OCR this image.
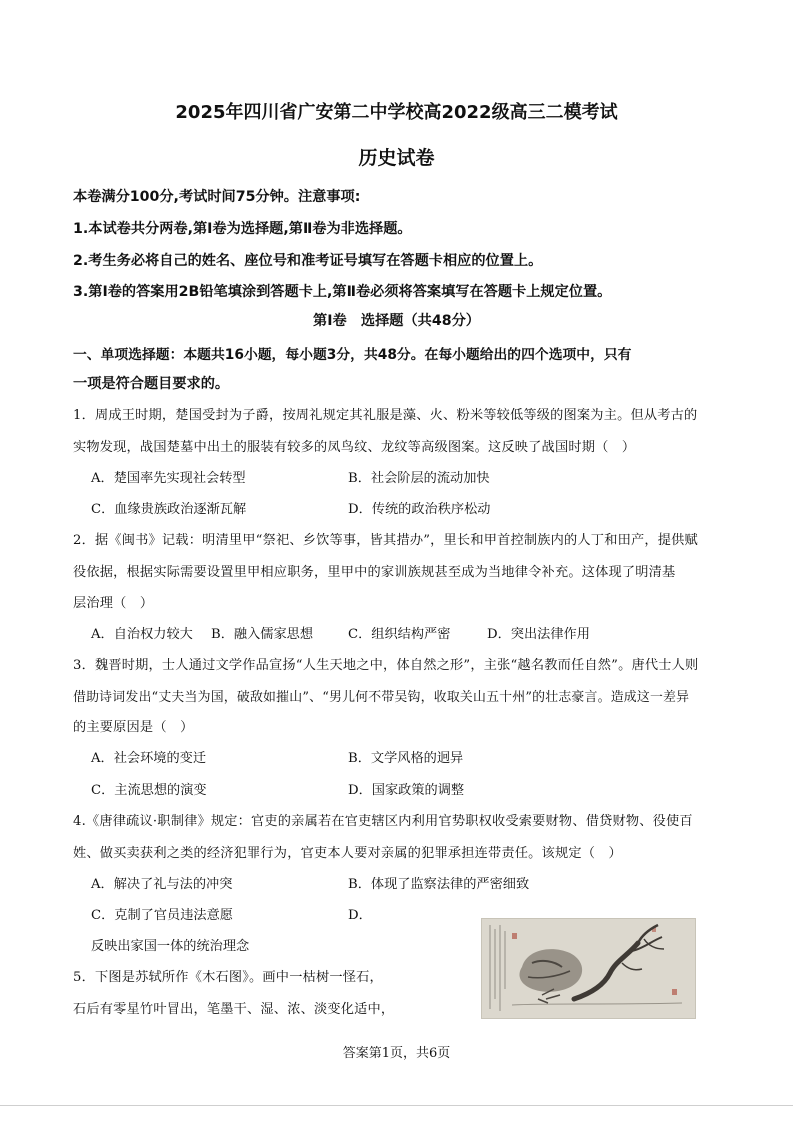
2025年四川省广安第二中学校高2022级高三二模考试
历史试卷
本卷满分100分,考试时间75分钟。注意事项:
1.本试卷共分两卷,第Ⅰ卷为选择题,第Ⅱ卷为非选择题。
2.考生务必将自己的姓名、座位号和准考证号填写在答题卡相应的位置上。
3.第Ⅰ卷的答案用2B铅笔填涂到答题卡上,第Ⅱ卷必须将答案填写在答题卡上规定位置。
第Ⅰ卷　选择题（共48分）
一、单项选择题：本题共16小题，每小题3分，共48分。在每小题给出的四个选项中，只有
一项是符合题目要求的。
1．周成王时期，楚国受封为子爵，按周礼规定其礼服是藻、火、粉米等较低等级的图案为主。但从考古的
实物发现，战国楚墓中出土的服装有较多的凤鸟纹、龙纹等高级图案。这反映了战国时期（　）
A．楚国率先实现社会转型	B．社会阶层的流动加快
C．血缘贵族政治逐渐瓦解	D．传统的政治秩序松动
2．据《闽书》记载：明清里甲“祭祀、乡饮等事，皆其措办”，里长和甲首控制族内的人丁和田产，提供赋
役依据，根据实际需要设置里甲相应职务，里甲中的家训族规甚至成为当地律令补充。这体现了明清基
层治理（　）
A．自治权力较大 B．融入儒家思想	C．组织结构严密	D．突出法律作用
3．魏晋时期，士人通过文学作品宣扬“人生天地之中，体自然之形”，主张“越名教而任自然”。唐代士人则
借助诗词发出“丈夫当为国，破敌如摧山”、“男儿何不带吴钩，收取关山五十州”的壮志豪言。造成这一差异
的主要原因是（　）
A．社会环境的变迁	B．文学风格的迥异
C．主流思想的演变	D．国家政策的调整
4.《唐律疏议·职制律》规定：官吏的亲属若在官吏辖区内利用官势职权收受索要财物、借贷财物、役使百
姓、做买卖获利之类的经济犯罪行为，官吏本人要对亲属的犯罪承担连带责任。该规定（　）
A．解决了礼与法的冲突	B．体现了监察法律的严密细致
C．克制了官员违法意愿	D．
反映出家国一体的统治理念
5．下图是苏轼所作《木石图》。画中一枯树一怪石，
石后有零星竹叶冒出，笔墨干、湿、浓、淡变化适中，
答案第1页，共6页
